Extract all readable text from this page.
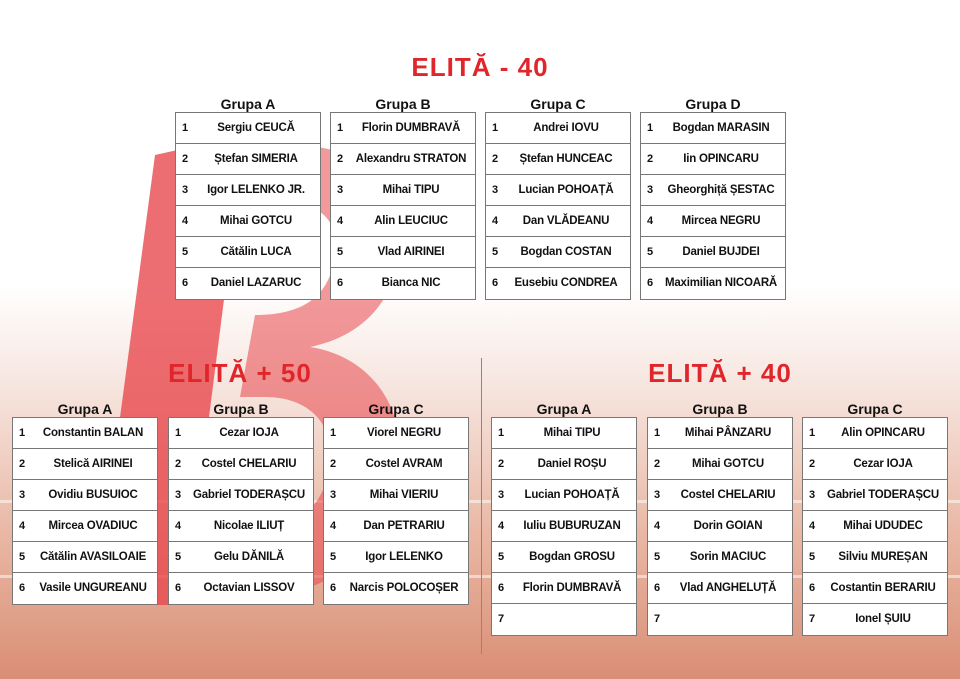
ELITĂ - 40
ELITĂ + 50	ELITĂ + 40
Grupa A
1	Sergiu CEUCĂ
2	Ștefan SIMERIA
3	Igor LELENKO JR.
4	Mihai GOTCU
5	Cătălin LUCA
6	Daniel LAZARUC
Grupa B
1	Florin DUMBRAVĂ
2	Alexandru STRATON
3	Mihai TIPU
4	Alin LEUCIUC
5	Vlad AIRINEI
6	Bianca NIC
Grupa C
1	Andrei IOVU
2	Ștefan HUNCEAC
3	Lucian POHOAȚĂ
4	Dan VLĂDEANU
5	Bogdan COSTAN
6	Eusebiu CONDREA
Grupa D
1	Bogdan MARASIN
2	Iin OPINCARU
3	Gheorghiță ȘESTAC
4	Mircea NEGRU
5	Daniel BUJDEI
6	Maximilian NICOARĂ
Grupa A
1	Constantin BALAN
2	Stelică AIRINEI
3	Ovidiu BUSUIOC
4	Mircea OVADIUC
5	Cătălin AVASILOAIE
6	Vasile UNGUREANU
Grupa B
1	Cezar IOJA
2	Costel CHELARIU
3	Gabriel TODERAȘCU
4	Nicolae ILIUȚ
5	Gelu DĂNILĂ
6	Octavian LISSOV
Grupa C
1	Viorel NEGRU
2	Costel AVRAM
3	Mihai VIERIU
4	Dan PETRARIU
5	Igor LELENKO
6	Narcis POLOCOȘER
Grupa A
1	Mihai TIPU
2	Daniel ROȘU
3	Lucian POHOAȚĂ
4	Iuliu BUBURUZAN
5	Bogdan GROSU
6	Florin DUMBRAVĂ
7
Grupa B
1	Mihai PÂNZARU
2	Mihai GOTCU
3	Costel CHELARIU
4	Dorin GOIAN
5	Sorin MACIUC
6	Vlad ANGHELUȚĂ
7
Grupa C
1	Alin OPINCARU
2	Cezar IOJA
3	Gabriel TODERAȘCU
4	Mihai UDUDEC
5	Silviu MUREȘAN
6	Costantin BERARIU
7	Ionel ȘUIU
